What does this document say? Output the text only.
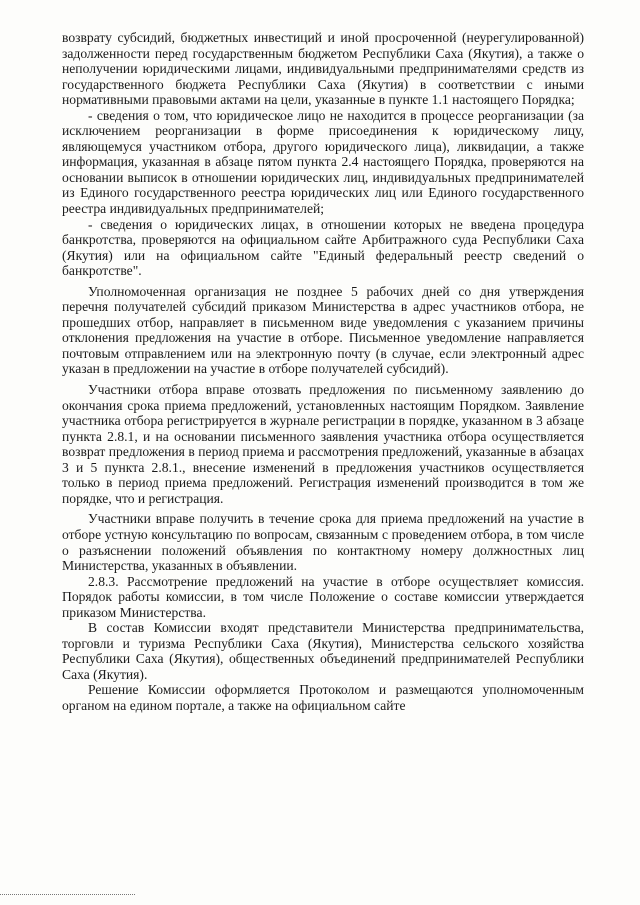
возврату субсидий, бюджетных инвестиций и иной просроченной (неурегулированной) задолженности перед государственным бюджетом Республики Саха (Якутия), а также о неполучении юридическими лицами, индивидуальными предпринимателями средств из государственного бюджета Республики Саха (Якутия) в соответствии с иными нормативными правовыми актами на цели, указанные в пункте 1.1 настоящего Порядка;

- сведения о том, что юридическое лицо не находится в процессе реорганизации (за исключением реорганизации в форме присоединения к юридическому лицу, являющемуся участником отбора, другого юридического лица), ликвидации, а также информация, указанная в абзаце пятом пункта 2.4 настоящего Порядка, проверяются на основании выписок в отношении юридических лиц, индивидуальных предпринимателей из Единого государственного реестра юридических лиц или Единого государственного реестра индивидуальных предпринимателей;

- сведения о юридических лицах, в отношении которых не введена процедура банкротства, проверяются на официальном сайте Арбитражного суда Республики Саха (Якутия) или на официальном сайте "Единый федеральный реестр сведений о банкротстве".

Уполномоченная организация не позднее 5 рабочих дней со дня утверждения перечня получателей субсидий приказом Министерства в адрес участников отбора, не прошедших отбор, направляет в письменном виде уведомления с указанием причины отклонения предложения на участие в отборе. Письменное уведомление направляется почтовым отправлением или на электронную почту (в случае, если электронный адрес указан в предложении на участие в отборе получателей субсидий).

Участники отбора вправе отозвать предложения по письменному заявлению до окончания срока приема предложений, установленных настоящим Порядком. Заявление участника отбора регистрируется в журнале регистрации в порядке, указанном в 3 абзаце пункта 2.8.1, и на основании письменного заявления участника отбора осуществляется возврат предложения в период приема и рассмотрения предложений, указанные в абзацах 3 и 5 пункта 2.8.1., внесение изменений в предложения участников осуществляется только в период приема предложений. Регистрация изменений производится в том же порядке, что и регистрация.

Участники вправе получить в течение срока для приема предложений на участие в отборе устную консультацию по вопросам, связанным с проведением отбора, в том числе о разъяснении положений объявления по контактному номеру должностных лиц Министерства, указанных в объявлении.

2.8.3. Рассмотрение предложений на участие в отборе осуществляет комиссия. Порядок работы комиссии, в том числе Положение о составе комиссии утверждается приказом Министерства.

В состав Комиссии входят представители Министерства предпринимательства, торговли и туризма Республики Саха (Якутия), Министерства сельского хозяйства Республики Саха (Якутия), общественных объединений предпринимателей Республики Саха (Якутия).

Решение Комиссии оформляется Протоколом и размещаются уполномоченным органом на едином портале, а также на официальном сайте
